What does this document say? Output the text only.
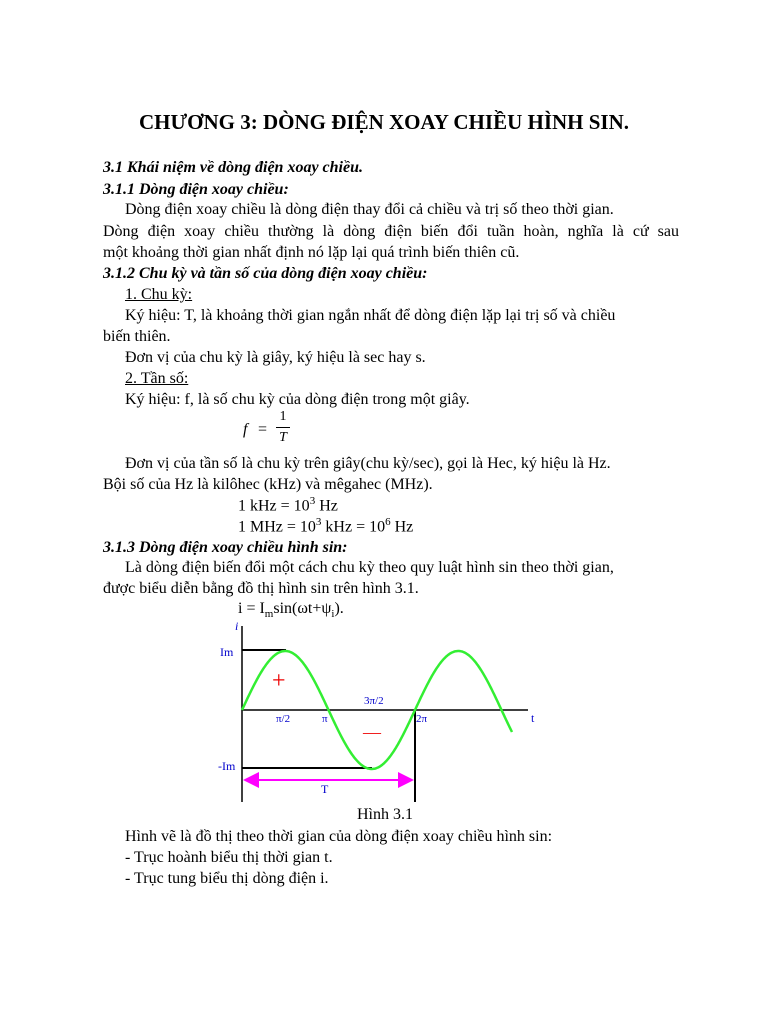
CHƯƠNG 3: DÒNG ĐIỆN XOAY CHIỀU HÌNH SIN.
3.1 Khái niệm về dòng điện xoay chiều.
3.1.1 Dòng điện xoay chiều:
Dòng điện xoay chiều là dòng điện thay đổi cả chiều và trị số theo thời gian.
Dòng điện xoay chiều thường là dòng điện biến đổi tuần hoàn, nghĩa là cứ sau
một khoảng thời gian nhất định nó lặp lại quá trình biến thiên cũ.
3.1.2 Chu kỳ và tần số của dòng điện xoay chiều:
1. Chu kỳ:
Ký hiệu: T, là khoảng thời gian ngắn nhất để dòng điện lặp lại trị số và chiều
biến thiên.
Đơn vị của chu kỳ là giây, ký hiệu là sec hay s.
2. Tần số:
Ký hiệu: f, là số chu kỳ của dòng điện trong một giây.
f =
1
T
Đơn vị của tần số là chu kỳ trên giây(chu kỳ/sec), gọi là Hec, ký hiệu là Hz.
Bội số của Hz là kilôhec (kHz) và mêgahec (MHz).
1 kHz = $10^3$ Hz
1 MHz = $10^3$ kHz = $10^6$ Hz
3.1.3 Dòng điện xoay chiều hình sin:
Là dòng điện biến đổi một cách chu kỳ theo quy luật hình sin theo thời gian,
được biểu diễn bằng đồ thị hình sin trên hình 3.1.
$i = I_m\sin(\omega t+\psi_i)$.
i
t
Im
-Im
+
—
π/2	π
3π/2
2π
T
Hình 3.1
Hình vẽ là đồ thị theo thời gian của dòng điện xoay chiều hình sin:
- Trục hoành biểu thị thời gian t.
- Trục tung biểu thị dòng điện i.
